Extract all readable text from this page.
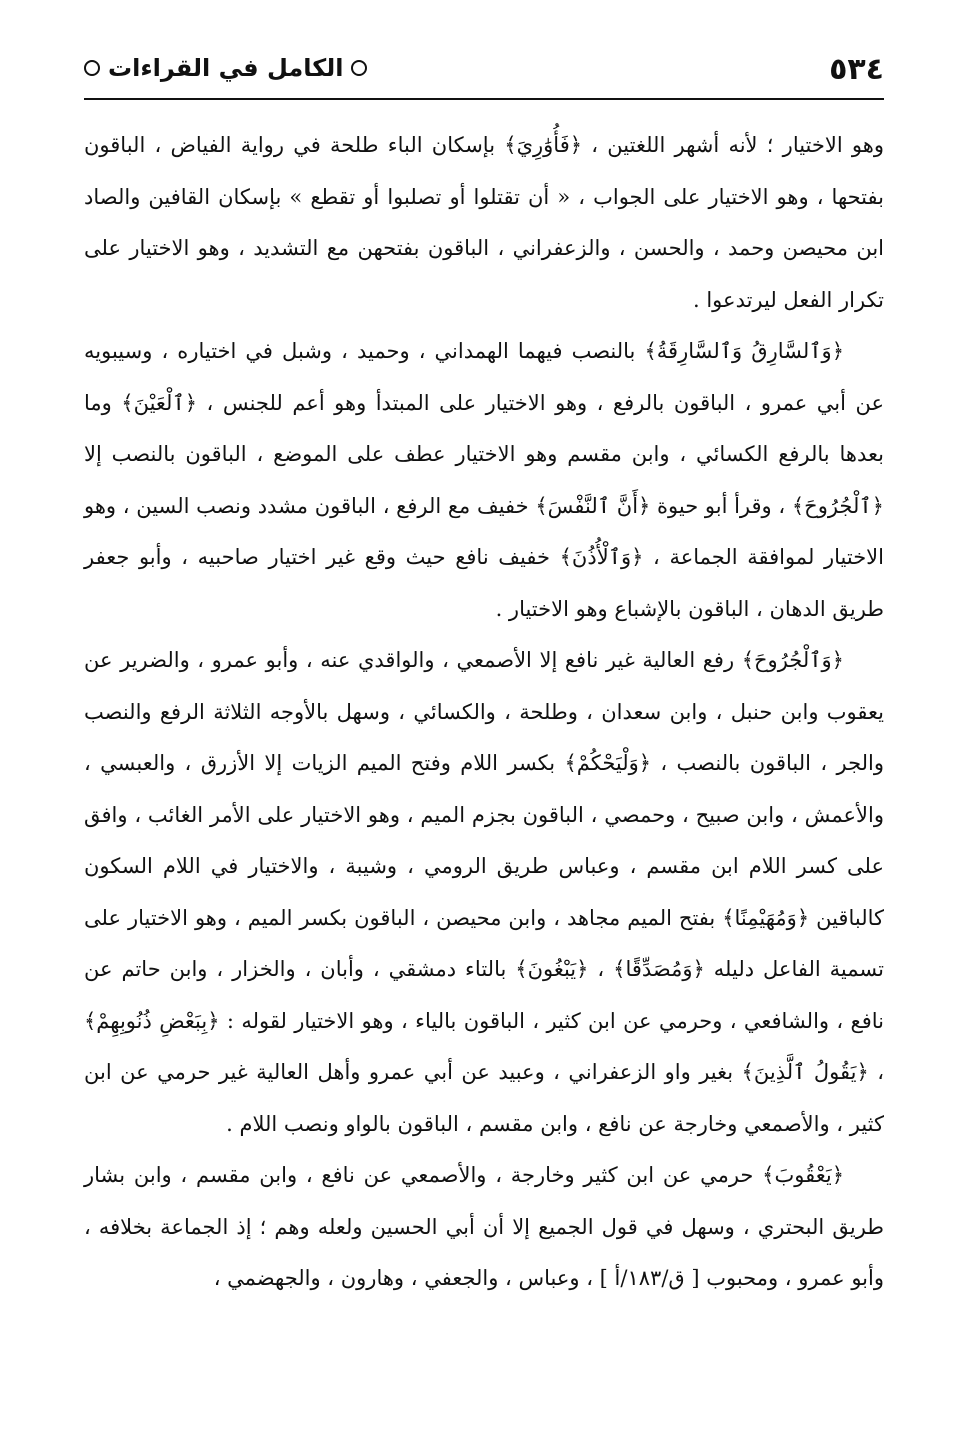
٥٣٤
الكامل في القراءات

وهو الاختيار ؛ لأنه أشهر اللغتين ، ﴿فَأُوَٰرِيَ﴾ بإسكان الباء طلحة في رواية الفياض ، الباقون بفتحها ، وهو الاختيار على الجواب ، « أن تقتلوا أو تصلبوا أو تقطع » بإسكان القافين والصاد ابن محيصن وحمد ، والحسن ، والزعفراني ، الباقون بفتحهن مع التشديد ، وهو الاختيار على تكرار الفعل ليرتدعوا .

﴿وَٱلسَّارِقُ وَٱلسَّارِقَةُ﴾ بالنصب فيهما الهمداني ، وحميد ، وشبل في اختياره ، وسيبويه عن أبي عمرو ، الباقون بالرفع ، وهو الاختيار على المبتدأ وهو أعم للجنس ، ﴿ٱلْعَيْنَ﴾ وما بعدها بالرفع الكسائي ، وابن مقسم وهو الاختيار عطف على الموضع ، الباقون بالنصب إلا ﴿ٱلْجُرُوحَ﴾ ، وقرأ أبو حيوة ﴿أَنَّ ٱلنَّفْسَ﴾ خفيف مع الرفع ، الباقون مشدد ونصب السين ، وهو الاختيار لموافقة الجماعة ، ﴿وَٱلْأُذُنَ﴾ خفيف نافع حيث وقع غير اختيار صاحبيه ، وأبو جعفر طريق الدهان ، الباقون بالإشباع وهو الاختيار .

﴿وَٱلْجُرُوحَ﴾ رفع العالية غير نافع إلا الأصمعي ، والواقدي عنه ، وأبو عمرو ، والضرير عن يعقوب وابن حنبل ، وابن سعدان ، وطلحة ، والكسائي ، وسهل بالأوجه الثلاثة الرفع والنصب والجر ، الباقون بالنصب ، ﴿وَلْيَحْكُمْ﴾ بكسر اللام وفتح الميم الزيات إلا الأزرق ، والعبسي ، والأعمش ، وابن صبيح ، وحمصي ، الباقون بجزم الميم ، وهو الاختيار على الأمر الغائب ، وافق على كسر اللام ابن مقسم ، وعباس طريق الرومي ، وشيبة ، والاختيار في اللام السكون كالباقين ﴿وَمُهَيْمِنًا﴾ بفتح الميم مجاهد ، وابن محيصن ، الباقون بكسر الميم ، وهو الاختيار على تسمية الفاعل دليله ﴿وَمُصَدِّقًا﴾ ، ﴿يَبْغُونَ﴾ بالتاء دمشقي ، وأبان ، والخزار ، وابن حاتم عن نافع ، والشافعي ، وحرمي عن ابن كثير ، الباقون بالياء ، وهو الاختيار لقوله : ﴿بِبَعْضِ ذُنُوبِهِمْ﴾ ، ﴿يَقُولُ ٱلَّذِينَ﴾ بغير واو الزعفراني ، وعبيد عن أبي عمرو وأهل العالية غير حرمي عن ابن كثير ، والأصمعي وخارجة عن نافع ، وابن مقسم ، الباقون بالواو ونصب اللام .

﴿يَعْقُوبَ﴾ حرمي عن ابن كثير وخارجة ، والأصمعي عن نافع ، وابن مقسم ، وابن بشار طريق البحتري ، وسهل في قول الجميع إلا أن أبي الحسين ولعله وهم ؛ إذ الجماعة بخلافه ، وأبو عمرو ، ومحبوب [ ق/١٨٣/أ ] ، وعباس ، والجعفي ، وهارون ، والجهضمي ،
